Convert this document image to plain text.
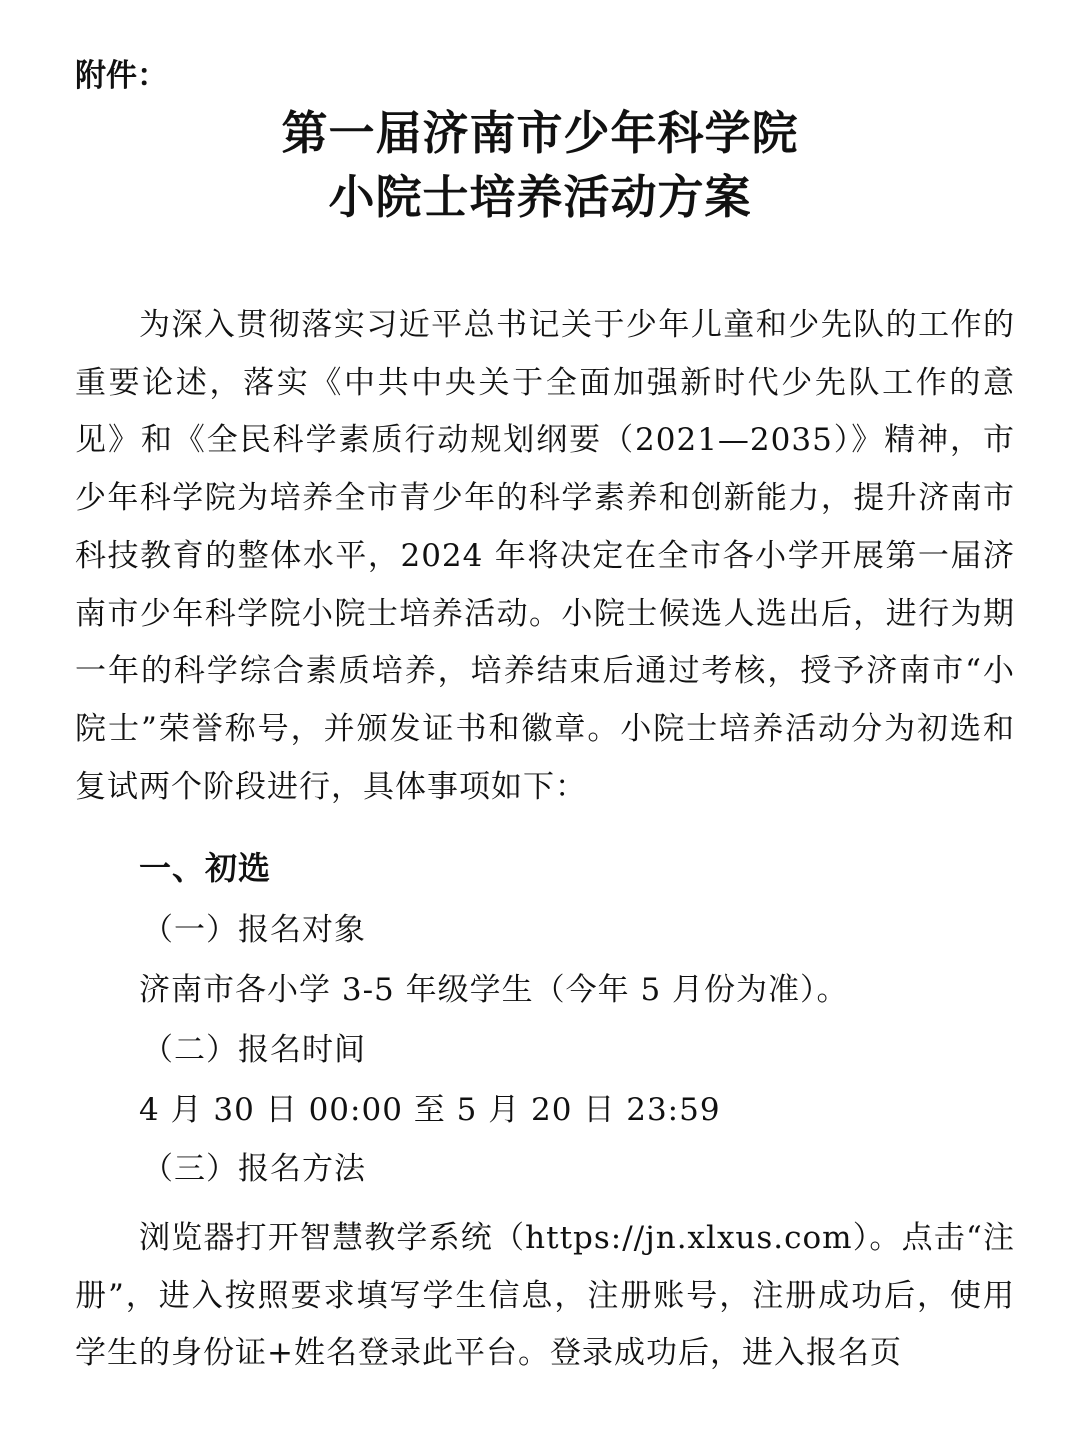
附件：
第一届济南市少年科学院
小院士培养活动方案

为深入贯彻落实习近平总书记关于少年儿童和少先队的工作的重要论述，落实《中共中央关于全面加强新时代少先队工作的意见》和《全民科学素质行动规划纲要（2021—2035）》精神，市少年科学院为培养全市青少年的科学素养和创新能力，提升济南市科技教育的整体水平，2024 年将决定在全市各小学开展第一届济南市少年科学院小院士培养活动。小院士候选人选出后，进行为期一年的科学综合素质培养，培养结束后通过考核，授予济南市“小院士”荣誉称号，并颁发证书和徽章。小院士培养活动分为初选和复试两个阶段进行，具体事项如下：

一、初选
（一）报名对象
济南市各小学 3-5 年级学生（今年 5 月份为准）。
（二）报名时间
4 月 30 日 00:00 至 5 月 20 日 23:59
（三）报名方法

浏览器打开智慧教学系统（https://jn.xlxus.com）。点击“注册”，进入按照要求填写学生信息，注册账号，注册成功后，使用学生的身份证+姓名登录此平台。登录成功后，进入报名页
